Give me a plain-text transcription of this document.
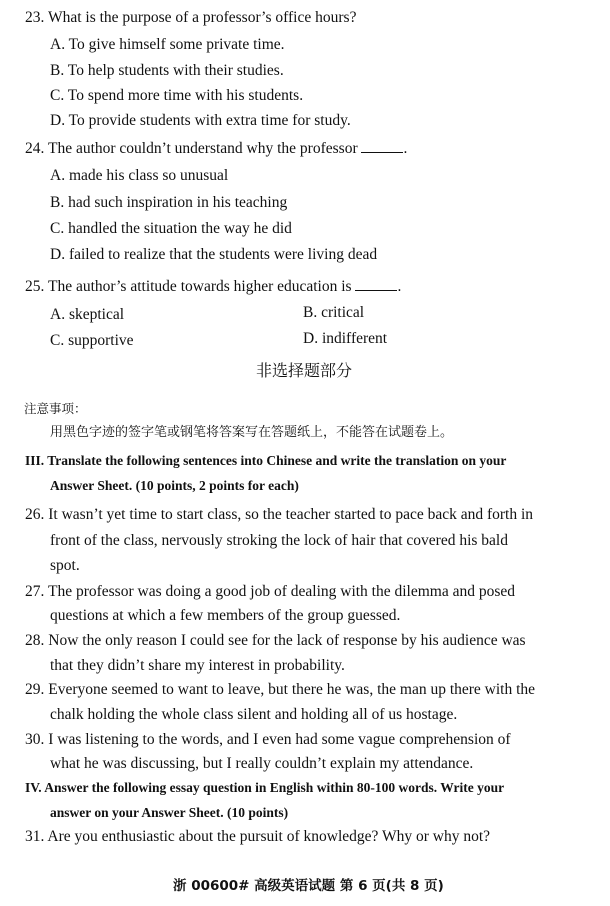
23. What is the purpose of a professor’s office hours?
A. To give himself some private time.
B. To help students with their studies.
C. To spend more time with his students.
D. To provide students with extra time for study.
24. The author couldn’t understand why the professor	.
A. made his class so unusual
B. had such inspiration in his teaching
C. handled the situation the way he did
D. failed to realize that the students were living dead
25. The author’s attitude towards higher education is	.
A. skeptical	B. critical
C. supportive	D. indifferent
非选择题部分
注意事项：
用黑色字迹的签字笔或钢笔将答案写在答题纸上，不能答在试题卷上。
III. Translate the following sentences into Chinese and write the translation on your
Answer Sheet. (10 points, 2 points for each)
26. It wasn’t yet time to start class, so the teacher started to pace back and forth in
front of the class, nervously stroking the lock of hair that covered his bald
spot.
27. The professor was doing a good job of dealing with the dilemma and posed
questions at which a few members of the group guessed.
28. Now the only reason I could see for the lack of response by his audience was
that they didn’t share my interest in probability.
29. Everyone seemed to want to leave, but there he was, the man up there with the
chalk holding the whole class silent and holding all of us hostage.
30. I was listening to the words, and I even had some vague comprehension of
what he was discussing, but I really couldn’t explain my attendance.
IV. Answer the following essay question in English within 80-100 words. Write your
answer on your Answer Sheet. (10 points)
31. Are you enthusiastic about the pursuit of knowledge? Why or why not?
浙 00600# 高级英语试题 第 6 页(共 8 页)
